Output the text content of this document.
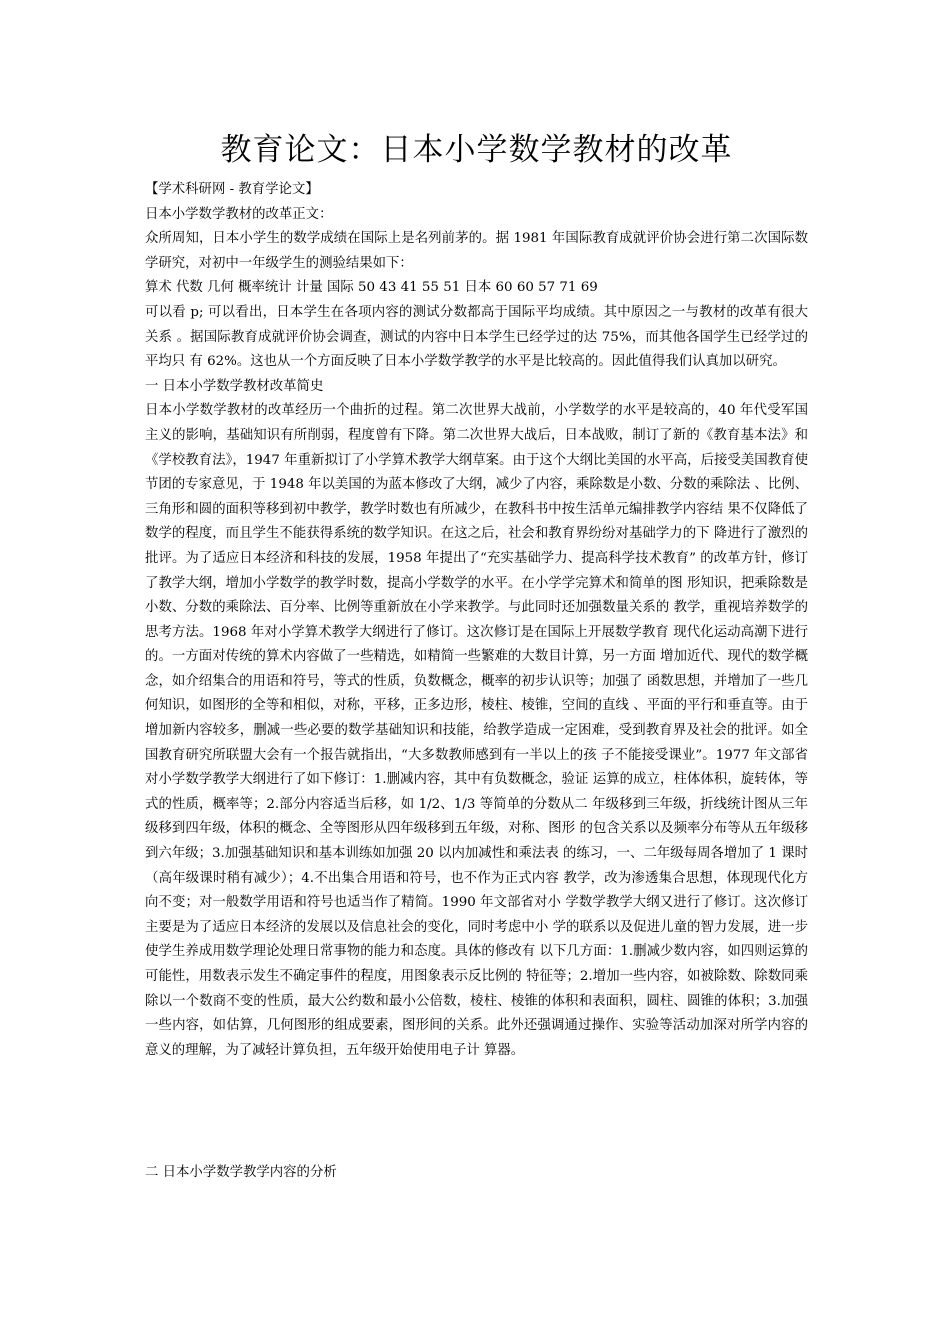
教育论文：日本小学数学教材的改革

【学术科研网 - 教育学论文】

日本小学数学教材的改革正文：

众所周知，日本小学生的数学成绩在国际上是名列前茅的。据 1981 年国际教育成就评价协会进行第二次国际数学研究，对初中一年级学生的测验结果如下：

算术 代数 几何 概率统计 计量 国际 50 43 41 55 51 日本 60 60 57 71 69

可以看 p; 可以看出，日本学生在各项内容的测试分数都高于国际平均成绩。其中原因之一与教材的改革有很大关系 。据国际教育成就评价协会调查，测试的内容中日本学生已经学过的达 75%，而其他各国学生已经学过的平均只 有 62%。这也从一个方面反映了日本小学数学教学的水平是比较高的。因此值得我们认真加以研究。

一 日本小学数学教材改革简史

日本小学数学教材的改革经历一个曲折的过程。第二次世界大战前，小学数学的水平是较高的，40 年代受军国主义的影响，基础知识有所削弱，程度曾有下降。第二次世界大战后，日本战败，制订了新的《教育基本法》和《学校教育法》，1947 年重新拟订了小学算术教学大纲草案。由于这个大纲比美国的水平高，后接受美国教育使节团的专家意见，于 1948 年以美国的为蓝本修改了大纲，减少了内容，乘除数是小数、分数的乘除法 、比例、三角形和圆的面积等移到初中教学，教学时数也有所减少，在教科书中按生活单元编排教学内容结 果不仅降低了数学的程度，而且学生不能获得系统的数学知识。在这之后，社会和教育界纷纷对基础学力的下 降进行了激烈的批评。为了适应日本经济和科技的发展，1958 年提出了“充实基础学力、提高科学技术教育” 的改革方针，修订了教学大纲，增加小学数学的教学时数，提高小学数学的水平。在小学学完算术和简单的图 形知识，把乘除数是小数、分数的乘除法、百分率、比例等重新放在小学来教学。与此同时还加强数量关系的 教学，重视培养数学的思考方法。1968 年对小学算术教学大纲进行了修订。这次修订是在国际上开展数学教育 现代化运动高潮下进行的。一方面对传统的算术内容做了一些精选，如精简一些繁难的大数目计算，另一方面 增加近代、现代的数学概念，如介绍集合的用语和符号，等式的性质，负数概念，概率的初步认识等；加强了 函数思想，并增加了一些几何知识，如图形的全等和相似，对称，平移，正多边形，棱柱、棱锥，空间的直线 、平面的平行和垂直等。由于增加新内容较多，删减一些必要的数学基础知识和技能，给教学造成一定困难，受到教育界及社会的批评。如全国教育研究所联盟大会有一个报告就指出，“大多数教师感到有一半以上的孩 子不能接受课业”。1977 年文部省对小学数学教学大纲进行了如下修订：1.删减内容，其中有负数概念，验证 运算的成立，柱体体积，旋转体，等式的性质，概率等；2.部分内容适当后移，如 1/2、1/3 等简单的分数从二 年级移到三年级，折线统计图从三年级移到四年级，体积的概念、全等图形从四年级移到五年级，对称、图形 的包含关系以及频率分布等从五年级移到六年级；3.加强基础知识和基本训练如加强 20 以内加减性和乘法表 的练习，一、二年级每周各增加了 1 课时（高年级课时稍有减少）；4.不出集合用语和符号，也不作为正式内容 教学，改为渗透集合思想，体现现代化方向不变；对一般数学用语和符号也适当作了精简。1990 年文部省对小 学数学教学大纲又进行了修订。这次修订主要是为了适应日本经济的发展以及信息社会的变化，同时考虑中小 学的联系以及促进儿童的智力发展，进一步使学生养成用数学理论处理日常事物的能力和态度。具体的修改有 以下几方面：1.删减少数内容，如四则运算的可能性，用数表示发生不确定事件的程度，用图象表示反比例的 特征等；2.增加一些内容，如被除数、除数同乘除以一个数商不变的性质，最大公约数和最小公倍数，棱柱、棱锥的体积和表面积，圆柱、圆锥的体积；3.加强一些内容，如估算，几何图形的组成要素，图形间的关系。此外还强调通过操作、实验等活动加深对所学内容的意义的理解，为了减轻计算负担，五年级开始使用电子计 算器。

二 日本小学数学教学内容的分析
